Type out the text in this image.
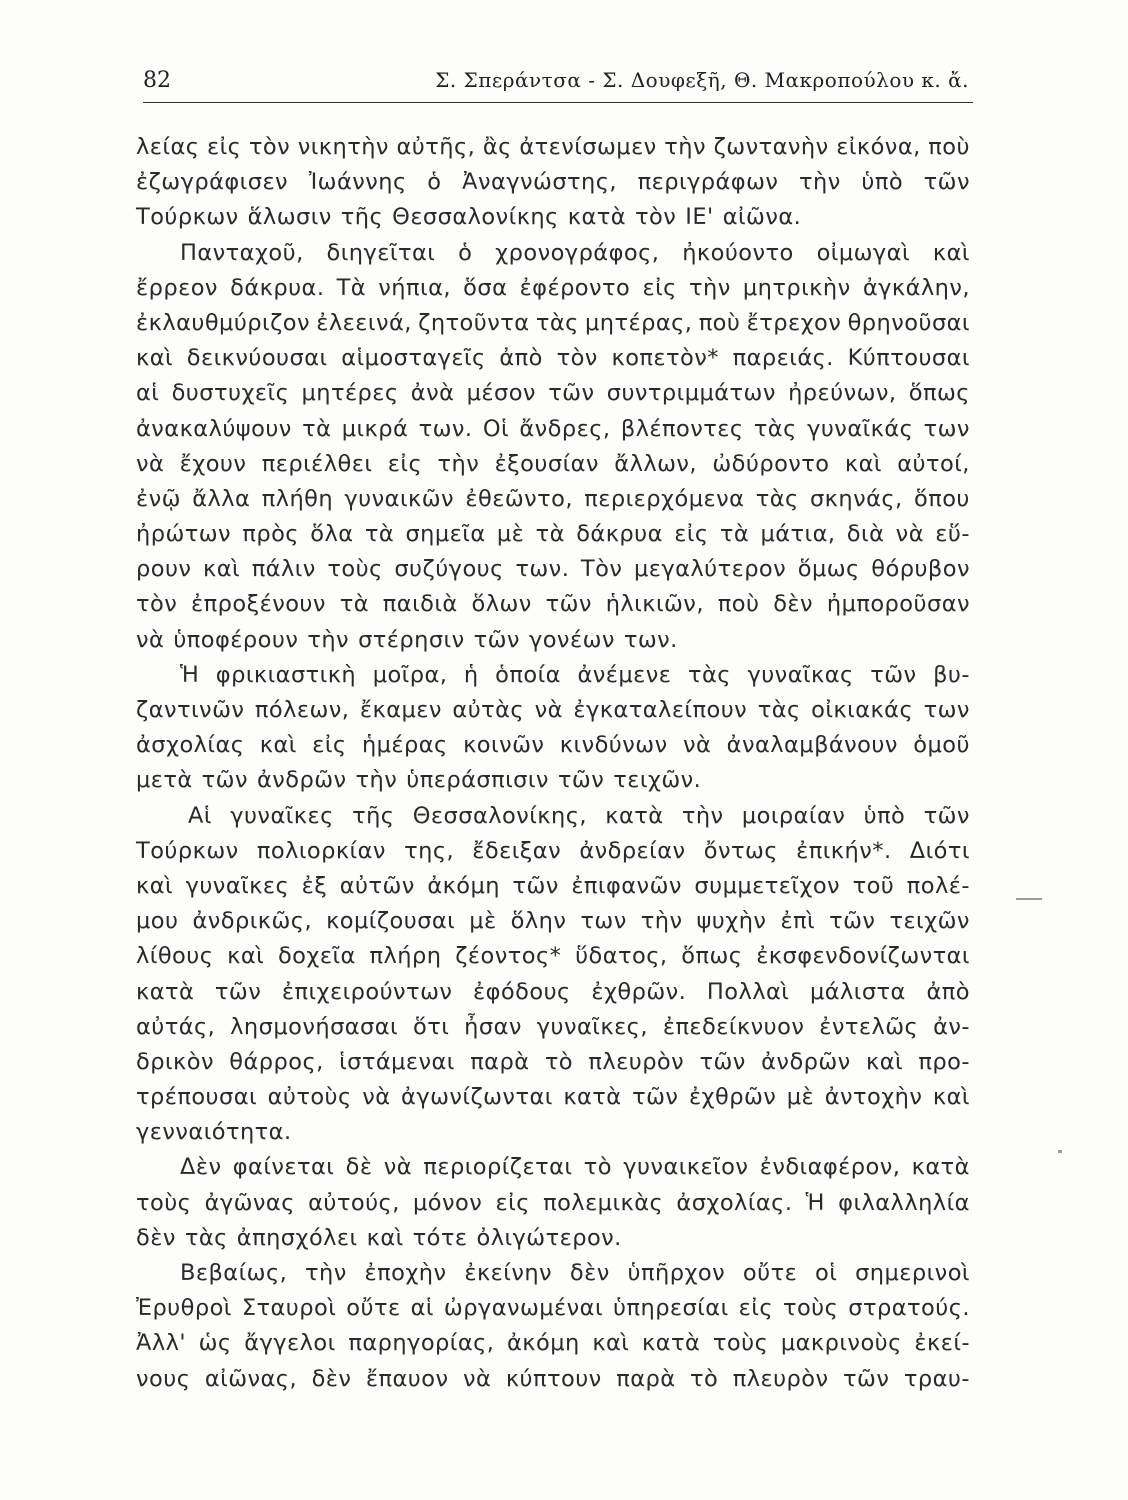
82	Σ. Σπεράντσα - Σ. Δουφεξῆ, Θ. Μακροπούλου κ. ἄ.
λείας εἰς τὸν νικητὴν αὐτῆς, ἂς ἀτενίσωμεν τὴν ζωντανὴν εἰκόνα, ποὺ
ἐζωγράφισεν Ἰωάννης ὁ Ἀναγνώστης, περιγράφων τὴν ὑπὸ τῶν
Τούρκων ἅλωσιν τῆς Θεσσαλονίκης κατὰ τὸν ΙΕ' αἰῶνα.
Πανταχοῦ, διηγεῖται ὁ χρονογράφος, ἠκούοντο οἰμωγαὶ καὶ
ἔρρεον δάκρυα. Τὰ νήπια, ὅσα ἐφέροντο εἰς τὴν μητρικὴν ἀγκάλην,
ἐκλαυθμύριζον ἐλεεινά, ζητοῦντα τὰς μητέρας, ποὺ ἔτρεχον θρηνοῦσαι
καὶ δεικνύουσαι αἱμοσταγεῖς ἀπὸ τὸν κοπετὸν* παρειάς. Κύπτουσαι
αἱ δυστυχεῖς μητέρες ἀνὰ μέσον τῶν συντριμμάτων ἠρεύνων, ὅπως
ἀνακαλύψουν τὰ μικρά των. Οἱ ἄνδρες, βλέποντες τὰς γυναῖκάς των
νὰ ἔχουν περιέλθει εἰς τὴν ἐξουσίαν ἄλλων, ὠδύροντο καὶ αὐτοί,
ἐνῷ ἄλλα πλήθη γυναικῶν ἐθεῶντο, περιερχόμενα τὰς σκηνάς, ὅπου
ἠρώτων πρὸς ὅλα τὰ σημεῖα μὲ τὰ δάκρυα εἰς τὰ μάτια, διὰ νὰ εὕ-
ρουν καὶ πάλιν τοὺς συζύγους των. Τὸν μεγαλύτερον ὅμως θόρυβον
τὸν ἐπροξένουν τὰ παιδιὰ ὅλων τῶν ἡλικιῶν, ποὺ δὲν ἠμποροῦσαν
νὰ ὑποφέρουν τὴν στέρησιν τῶν γονέων των.
Ἡ φρικιαστικὴ μοῖρα, ἡ ὁποία ἀνέμενε τὰς γυναῖκας τῶν βυ-
ζαντινῶν πόλεων, ἔκαμεν αὐτὰς νὰ ἐγκαταλείπουν τὰς οἰκιακάς των
ἀσχολίας καὶ εἰς ἡμέρας κοινῶν κινδύνων νὰ ἀναλαμβάνουν ὁμοῦ
μετὰ τῶν ἀνδρῶν τὴν ὑπεράσπισιν τῶν τειχῶν.
Αἱ γυναῖκες τῆς Θεσσαλονίκης, κατὰ τὴν μοιραίαν ὑπὸ τῶν
Τούρκων πολιορκίαν της, ἔδειξαν ἀνδρείαν ὄντως ἐπικήν*. Διότι
καὶ γυναῖκες ἐξ αὐτῶν ἀκόμη τῶν ἐπιφανῶν συμμετεῖχον τοῦ πολέ-
μου ἀνδρικῶς, κομίζουσαι μὲ ὅλην των τὴν ψυχὴν ἐπὶ τῶν τειχῶν
λίθους καὶ δοχεῖα πλήρη ζέοντος* ὕδατος, ὅπως ἐκσφενδονίζωνται
κατὰ τῶν ἐπιχειρούντων ἐφόδους ἐχθρῶν. Πολλαὶ μάλιστα ἀπὸ
αὐτάς, λησμονήσασαι ὅτι ἦσαν γυναῖκες, ἐπεδείκνυον ἐντελῶς ἀν-
δρικὸν θάρρος, ἱστάμεναι παρὰ τὸ πλευρὸν τῶν ἀνδρῶν καὶ προ-
τρέπουσαι αὐτοὺς νὰ ἀγωνίζωνται κατὰ τῶν ἐχθρῶν μὲ ἀντοχὴν καὶ
γενναιότητα.
Δὲν φαίνεται δὲ νὰ περιορίζεται τὸ γυναικεῖον ἐνδιαφέρον, κατὰ
τοὺς ἀγῶνας αὐτούς, μόνον εἰς πολεμικὰς ἀσχολίας. Ἡ φιλαλληλία
δὲν τὰς ἀπησχόλει καὶ τότε ὀλιγώτερον.
Βεβαίως, τὴν ἐποχὴν ἐκείνην δὲν ὑπῆρχον οὔτε οἱ σημερινοὶ
Ἐρυθροὶ Σταυροὶ οὔτε αἱ ὠργανωμέναι ὑπηρεσίαι εἰς τοὺς στρατούς.
Ἀλλ' ὡς ἄγγελοι παρηγορίας, ἀκόμη καὶ κατὰ τοὺς μακρινοὺς ἐκεί-
νους αἰῶνας, δὲν ἔπαυον νὰ κύπτουν παρὰ τὸ πλευρὸν τῶν τραυ-
